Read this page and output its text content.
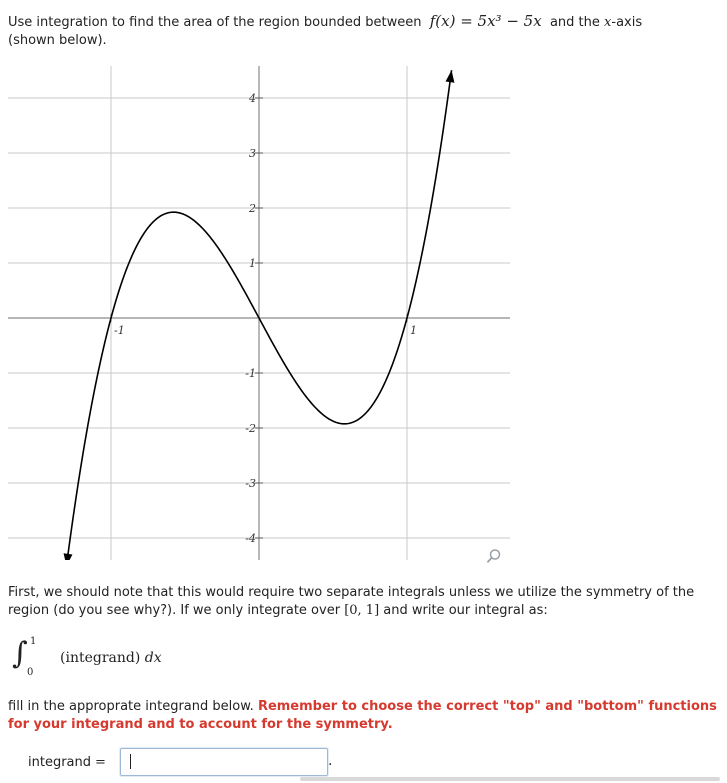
Use integration to find the area of the region bounded between f(x) = 5x³ − 5x and the x-axis
(shown below).
4
3
2
1
-1
-2
-3
-4
-1	1
First, we should note that this would require two separate integrals unless we utilize the symmetry of the region (do you see why?). If we only integrate over [0, 1] and write our integral as:
∫ 1
0
(integrand) dx
fill in the approprate integrand below. Remember to choose the correct "top" and "bottom" functions for your integrand and to account for the symmetry.
integrand =	.
